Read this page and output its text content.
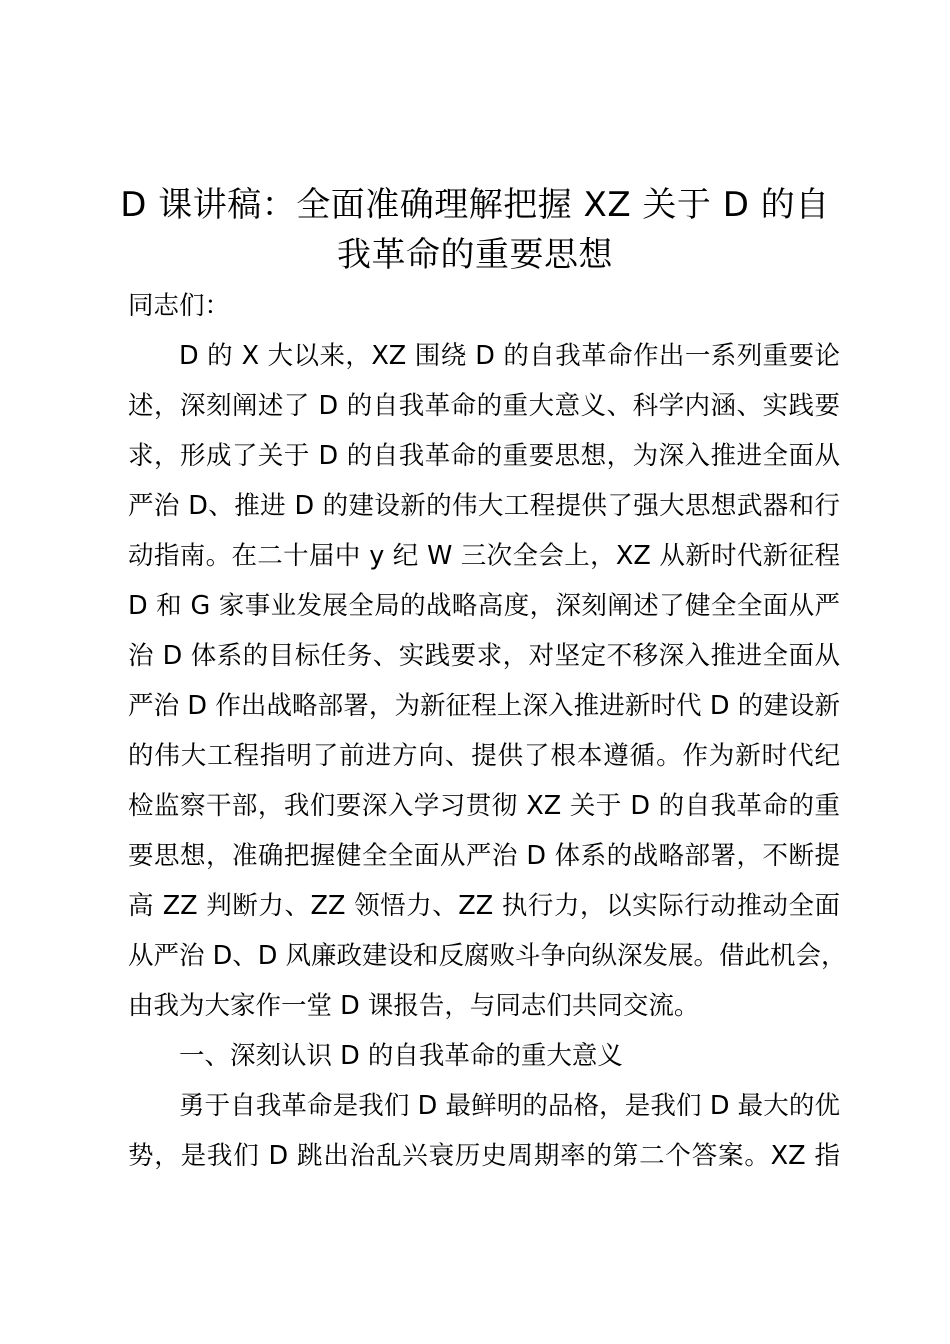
D 课讲稿：全面准确理解把握 XZ 关于 D 的自
我革命的重要思想
同志们：
D 的 X 大以来，XZ 围绕 D 的自我革命作出一系列重要论
述，深刻阐述了 D 的自我革命的重大意义、科学内涵、实践要
求，形成了关于 D 的自我革命的重要思想，为深入推进全面从
严治 D、推进 D 的建设新的伟大工程提供了强大思想武器和行
动指南。在二十届中 y 纪 W 三次全会上，XZ 从新时代新征程
D 和 G 家事业发展全局的战略高度，深刻阐述了健全全面从严
治 D 体系的目标任务、实践要求，对坚定不移深入推进全面从
严治 D 作出战略部署，为新征程上深入推进新时代 D 的建设新
的伟大工程指明了前进方向、提供了根本遵循。作为新时代纪
检监察干部，我们要深入学习贯彻 XZ 关于 D 的自我革命的重
要思想，准确把握健全全面从严治 D 体系的战略部署，不断提
高 ZZ 判断力、ZZ 领悟力、ZZ 执行力，以实际行动推动全面
从严治 D、D 风廉政建设和反腐败斗争向纵深发展。借此机会，
由我为大家作一堂 D 课报告，与同志们共同交流。
一、深刻认识 D 的自我革命的重大意义
勇于自我革命是我们 D 最鲜明的品格，是我们 D 最大的优
势，是我们 D 跳出治乱兴衰历史周期率的第二个答案。XZ 指
